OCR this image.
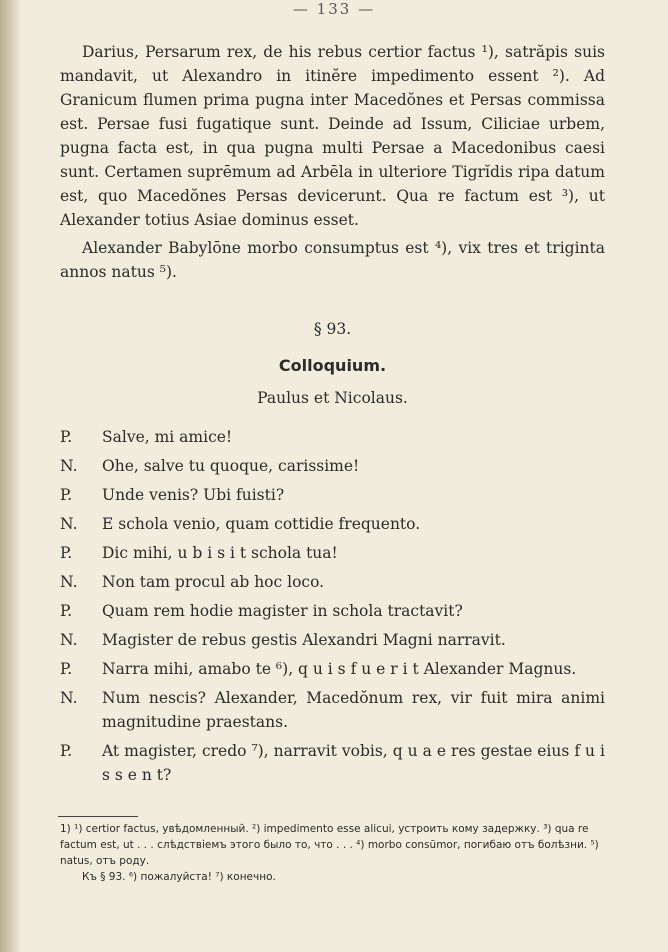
— 133 —

Darius, Persarum rex, de his rebus certior factus ¹), satrăpis suis mandavit, ut Alexandro in itinĕre impedimento essent ²). Ad Granicum flumen prima pugna inter Macedŏnes et Persas commissa est. Persae fusi fugatique sunt. Deinde ad Issum, Ciliciae urbem, pugna facta est, in qua pugna multi Persae a Macedonibus caesi sunt. Certamen suprēmum ad Arbēla in ulteriore Tigrĭdis ripa datum est, quo Macedŏnes Persas devicerunt. Qua re factum est ³), ut Alexander totius Asiae dominus esset.

Alexander Babylōne morbo consumptus est ⁴), vix tres et triginta annos natus ⁵).

§ 93.
Colloquium.
Paulus et Nicolaus.
P.	Salve, mi amice!
N.	Ohe, salve tu quoque, carissime!
P.	Unde venis? Ubi fuisti?
N.	E schola venio, quam cottidie frequento.
P.	Dic mihi, u b i s i t schola tua!
N.	Non tam procul ab hoc loco.
P.	Quam rem hodie magister in schola tractavit?
N.	Magister de rebus gestis Alexandri Magni narravit.
P.	Narra mihi, amabo te ⁶), q u i s f u e r i t Alexander Magnus.
N.	Num nescis? Alexander, Macedŏnum rex, vir fuit mira animi magnitudine praestans.
P.	At magister, credo ⁷), narravit vobis, q u a e res gestae eius f u i s s e n t?

1) ¹) certior factus, увѣдомленный. ²) impedimento esse alicui, устроить кому задержку. ³) qua re factum est, ut . . . слѣдствіемъ этого было то, что . . . ⁴) morbo consūmor, погибаю отъ болѣзни. ⁵) natus, отъ роду.

Къ § 93. ⁶) пожалуйста! ⁷) конечно.
